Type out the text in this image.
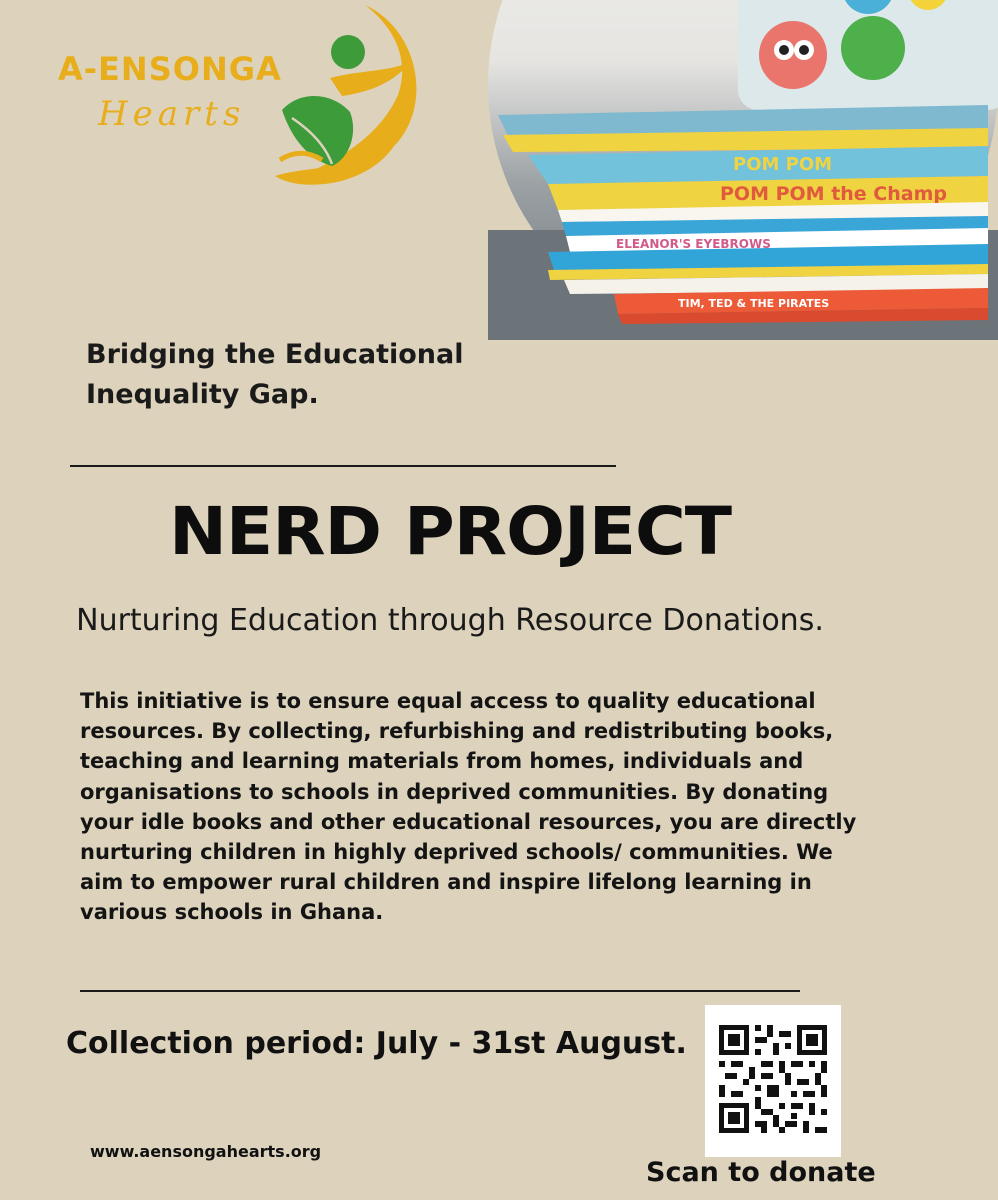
A-ENSONGA
Hearts
POM POM
POM POM the Champ
ELEANOR'S EYEBROWS
TIM, TED & THE PIRATES
Bridging the Educational Inequality Gap.
NERD PROJECT
Nurturing Education through Resource Donations.
This initiative is to ensure equal access to quality educational resources. By collecting, refurbishing and redistributing books, teaching and learning materials from homes, individuals and organisations to schools in deprived communities. By donating your idle books and other educational resources, you are directly nurturing children in highly deprived schools/ communities. We aim to empower rural children and inspire lifelong learning in various schools in Ghana.
Collection period: July - 31st August.
www.aensongahearts.org
Scan to donate
